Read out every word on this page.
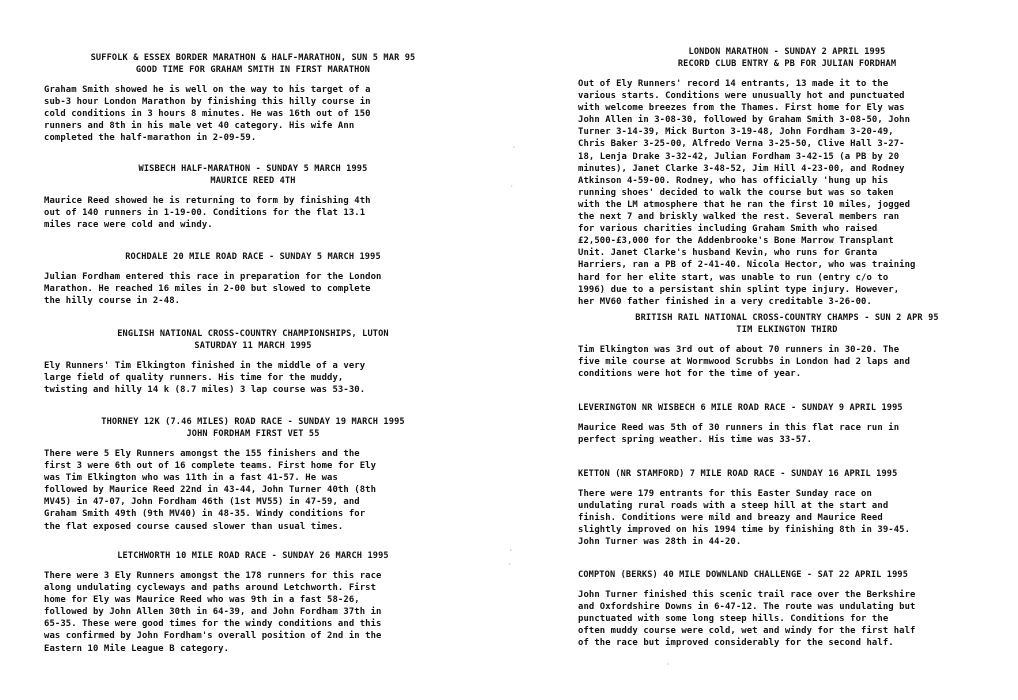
SUFFOLK & ESSEX BORDER MARATHON & HALF-MARATHON, SUN 5 MAR 95
GOOD TIME FOR GRAHAM SMITH IN FIRST MARATHON
Graham Smith showed he is well on the way to his target of a
sub-3 hour London Marathon by finishing this hilly course in
cold conditions in 3 hours 8 minutes. He was 16th out of 150
runners and 8th in his male vet 40 category. His wife Ann
completed the half-marathon in 2-09-59.
WISBECH HALF-MARATHON - SUNDAY 5 MARCH 1995
MAURICE REED 4TH
Maurice Reed showed he is returning to form by finishing 4th
out of 140 runners in 1-19-00. Conditions for the flat 13.1
miles race were cold and windy.
ROCHDALE 20 MILE ROAD RACE - SUNDAY 5 MARCH 1995
Julian Fordham entered this race in preparation for the London
Marathon. He reached 16 miles in 2-00 but slowed to complete
the hilly course in 2-48.
ENGLISH NATIONAL CROSS-COUNTRY CHAMPIONSHIPS, LUTON
SATURDAY 11 MARCH 1995
Ely Runners' Tim Elkington finished in the middle of a very
large field of quality runners. His time for the muddy,
twisting and hilly 14 k (8.7 miles) 3 lap course was 53-30.
THORNEY 12K (7.46 MILES) ROAD RACE - SUNDAY 19 MARCH 1995
JOHN FORDHAM FIRST VET 55
There were 5 Ely Runners amongst the 155 finishers and the
first 3 were 6th out of 16 complete teams. First home for Ely
was Tim Elkington who was 11th in a fast 41-57. He was
followed by Maurice Reed 22nd in 43-44, John Turner 40th (8th
MV45) in 47-07, John Fordham 46th (1st MV55) in 47-59, and
Graham Smith 49th (9th MV40) in 48-35. Windy conditions for
the flat exposed course caused slower than usual times.
LETCHWORTH 10 MILE ROAD RACE - SUNDAY 26 MARCH 1995
There were 3 Ely Runners amongst the 178 runners for this race
along undulating cycleways and paths around Letchworth. First
home for Ely was Maurice Reed who was 9th in a fast 58-26,
followed by John Allen 30th in 64-39, and John Fordham 37th in
65-35. These were good times for the windy conditions and this
was confirmed by John Fordham's overall position of 2nd in the
Eastern 10 Mile League B category.
LONDON MARATHON - SUNDAY 2 APRIL 1995
RECORD CLUB ENTRY & PB FOR JULIAN FORDHAM
Out of Ely Runners' record 14 entrants, 13 made it to the
various starts. Conditions were unusually hot and punctuated
with welcome breezes from the Thames. First home for Ely was
John Allen in 3-08-30, followed by Graham Smith 3-08-50, John
Turner 3-14-39, Mick Burton 3-19-48, John Fordham 3-20-49,
Chris Baker 3-25-00, Alfredo Verna 3-25-50, Clive Hall 3-27-
18, Lenja Drake 3-32-42, Julian Fordham 3-42-15 (a PB by 20
minutes), Janet Clarke 3-48-52, Jim Hill 4-23-00, and Rodney
Atkinson 4-59-00. Rodney, who has officially 'hung up his
running shoes' decided to walk the course but was so taken
with the LM atmosphere that he ran the first 10 miles, jogged
the next 7 and briskly walked the rest. Several members ran
for various charities including Graham Smith who raised
£2,500-£3,000 for the Addenbrooke's Bone Marrow Transplant
Unit. Janet Clarke's husband Kevin, who runs for Granta
Harriers, ran a PB of 2-41-40. Nicola Hector, who was training
hard for her elite start, was unable to run (entry c/o to
1996) due to a persistant shin splint type injury. However,
her MV60 father finished in a very creditable 3-26-00.
BRITISH RAIL NATIONAL CROSS-COUNTRY CHAMPS - SUN 2 APR 95
TIM ELKINGTON THIRD
Tim Elkington was 3rd out of about 70 runners in 30-20. The
five mile course at Wormwood Scrubbs in London had 2 laps and
conditions were hot for the time of year.
LEVERINGTON NR WISBECH 6 MILE ROAD RACE - SUNDAY 9 APRIL 1995
Maurice Reed was 5th of 30 runners in this flat race run in
perfect spring weather. His time was 33-57.
KETTON (NR STAMFORD) 7 MILE ROAD RACE - SUNDAY 16 APRIL 1995
There were 179 entrants for this Easter Sunday race on
undulating rural roads with a steep hill at the start and
finish. Conditions were mild and breazy and Maurice Reed
slightly improved on his 1994 time by finishing 8th in 39-45.
John Turner was 28th in 44-20.
COMPTON (BERKS) 40 MILE DOWNLAND CHALLENGE - SAT 22 APRIL 1995
John Turner finished this scenic trail race over the Berkshire
and Oxfordshire Downs in 6-47-12. The route was undulating but
punctuated with some long steep hills. Conditions for the
often muddy course were cold, wet and windy for the first half
of the race but improved considerably for the second half.
·
·
·
·
·
